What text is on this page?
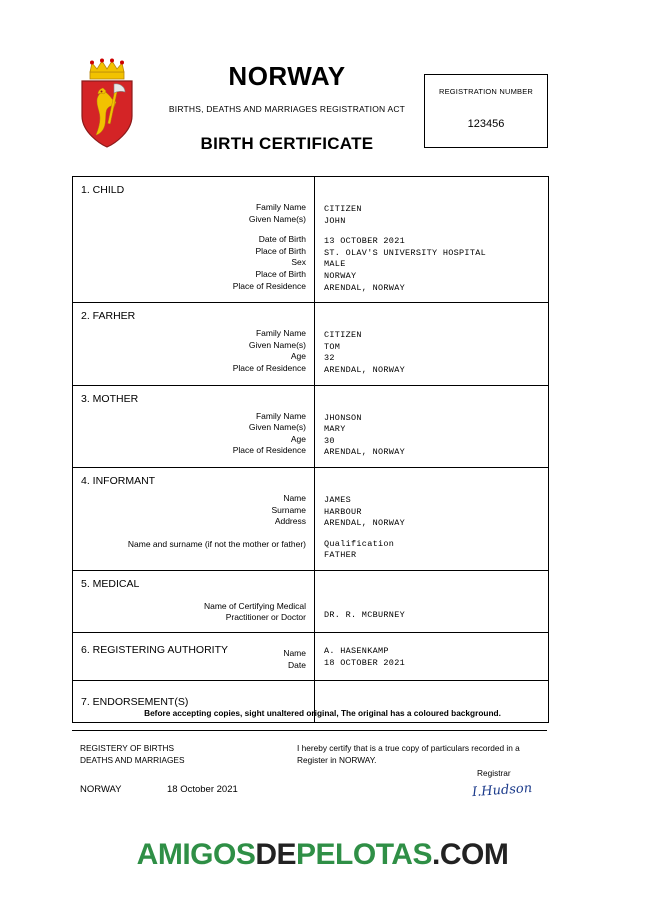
NORWAY
BIRTHS, DEATHS AND MARRIAGES REGISTRATION ACT
BIRTH CERTIFICATE
REGISTRATION NUMBER
123456
1. CHILD
Family Name
Given Name(s)
Date of Birth
Place of Birth
Sex
Place of Birth
Place of Residence
CITIZEN
JOHN
13 OCTOBER 2021
ST. OLAV'S UNIVERSITY HOSPITAL
MALE
NORWAY
ARENDAL, NORWAY
2. FARHER
Family Name
Given Name(s)
Age
Place of Residence
CITIZEN
TOM
32
ARENDAL, NORWAY
3. MOTHER
Family Name
Given Name(s)
Age
Place of Residence
JHONSON
MARY
30
ARENDAL, NORWAY
4. INFORMANT
Name
Surname
Address
Name and surname (if not the mother or father)
JAMES
HARBOUR
ARENDAL, NORWAY
Qualification
FATHER
5. MEDICAL
Name of Certifying Medical
Practitioner or Doctor DR. R. MCBURNEY
6. REGISTERING AUTHORITY	Name
Date
A. HASENKAMP
18 OCTOBER 2021
7. ENDORSEMENT(S)
Before accepting copies, sight unaltered original, The original has a coloured background.
REGISTERY OF BIRTHS
DEATHS AND MARRIAGES
I hereby certify that is a true copy of particulars recorded in a
Register in NORWAY.
Registrar
I.Hudson
NORWAY	18 October 2021
AMIGOSDEPELOTAS.COM
